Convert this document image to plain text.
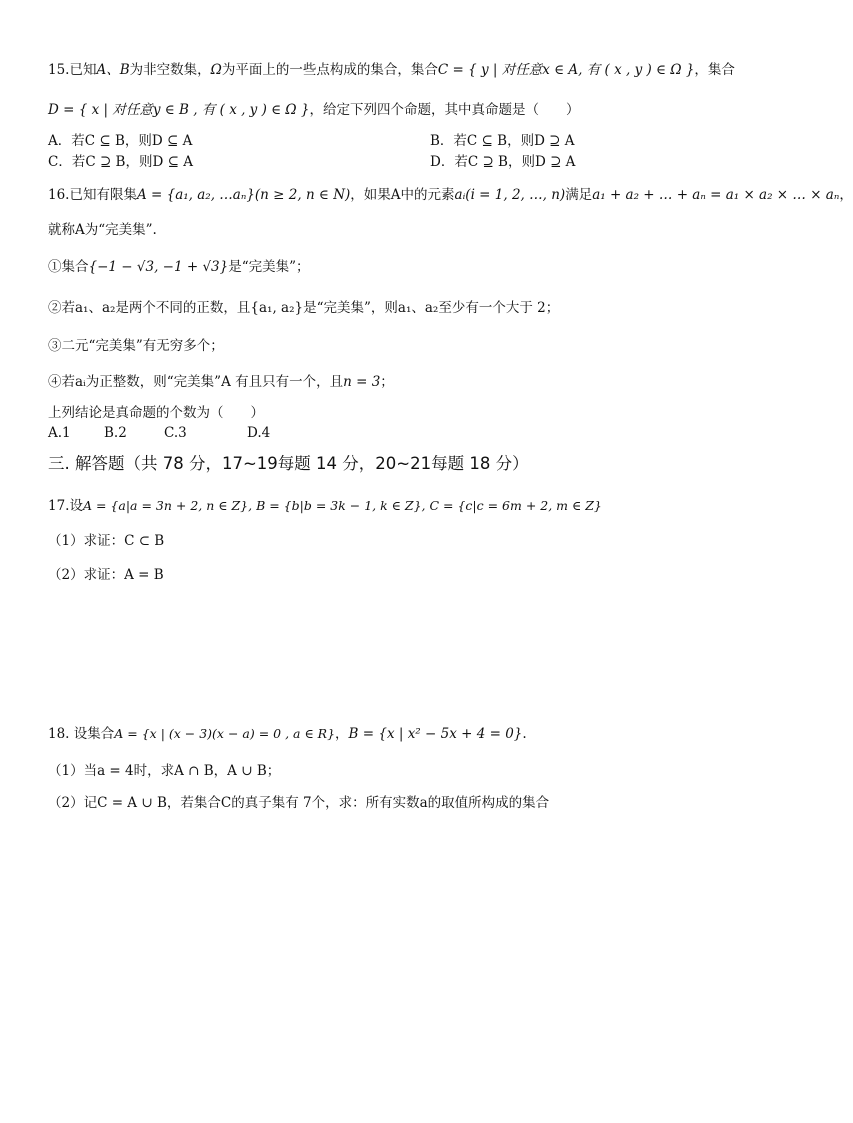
15.已知A、B为非空数集，Ω为平面上的一些点构成的集合，集合C = { y | 对任意x ∈ A, 有 ( x , y ) ∈ Ω }，集合
D = { x | 对任意y ∈ B , 有 ( x , y ) ∈ Ω }，给定下列四个命题，其中真命题是（　　）
A．若C ⊆ B，则D ⊆ A	B．若C ⊆ B，则D ⊇ A
C．若C ⊇ B，则D ⊆ A	D．若C ⊇ B，则D ⊇ A
16.已知有限集A = {a₁, a₂, …aₙ}(n ≥ 2, n ∈ N)，如果A中的元素aᵢ(i = 1, 2, …, n)满足a₁ + a₂ + … + aₙ = a₁ × a₂ × … × aₙ，
就称A为“完美集”.
①集合{−1 − √3, −1 + √3}是“完美集”；
②若a₁、a₂是两个不同的正数，且{a₁, a₂}是“完美集”，则a₁、a₂至少有一个大于 2；
③二元“完美集”有无穷多个；
④若aᵢ为正整数，则“完美集”A 有且只有一个，且n = 3；
上列结论是真命题的个数为（　　）
A.1 B.2	C.3	D.4
三. 解答题（共 78 分，17~19每题 14 分，20~21每题 18 分）
17.设A = {a|a = 3n + 2, n ∈ Z}, B = {b|b = 3k − 1, k ∈ Z}, C = {c|c = 6m + 2, m ∈ Z}
（1）求证：C ⊂ B
（2）求证：A = B
18. 设集合A = {x | (x − 3)(x − a) = 0 , a ∈ R}，B = {x | x² − 5x + 4 = 0}.
（1）当a = 4时，求A ∩ B，A ∪ B；
（2）记C = A ∪ B，若集合C的真子集有 7个，求：所有实数a的取值所构成的集合
